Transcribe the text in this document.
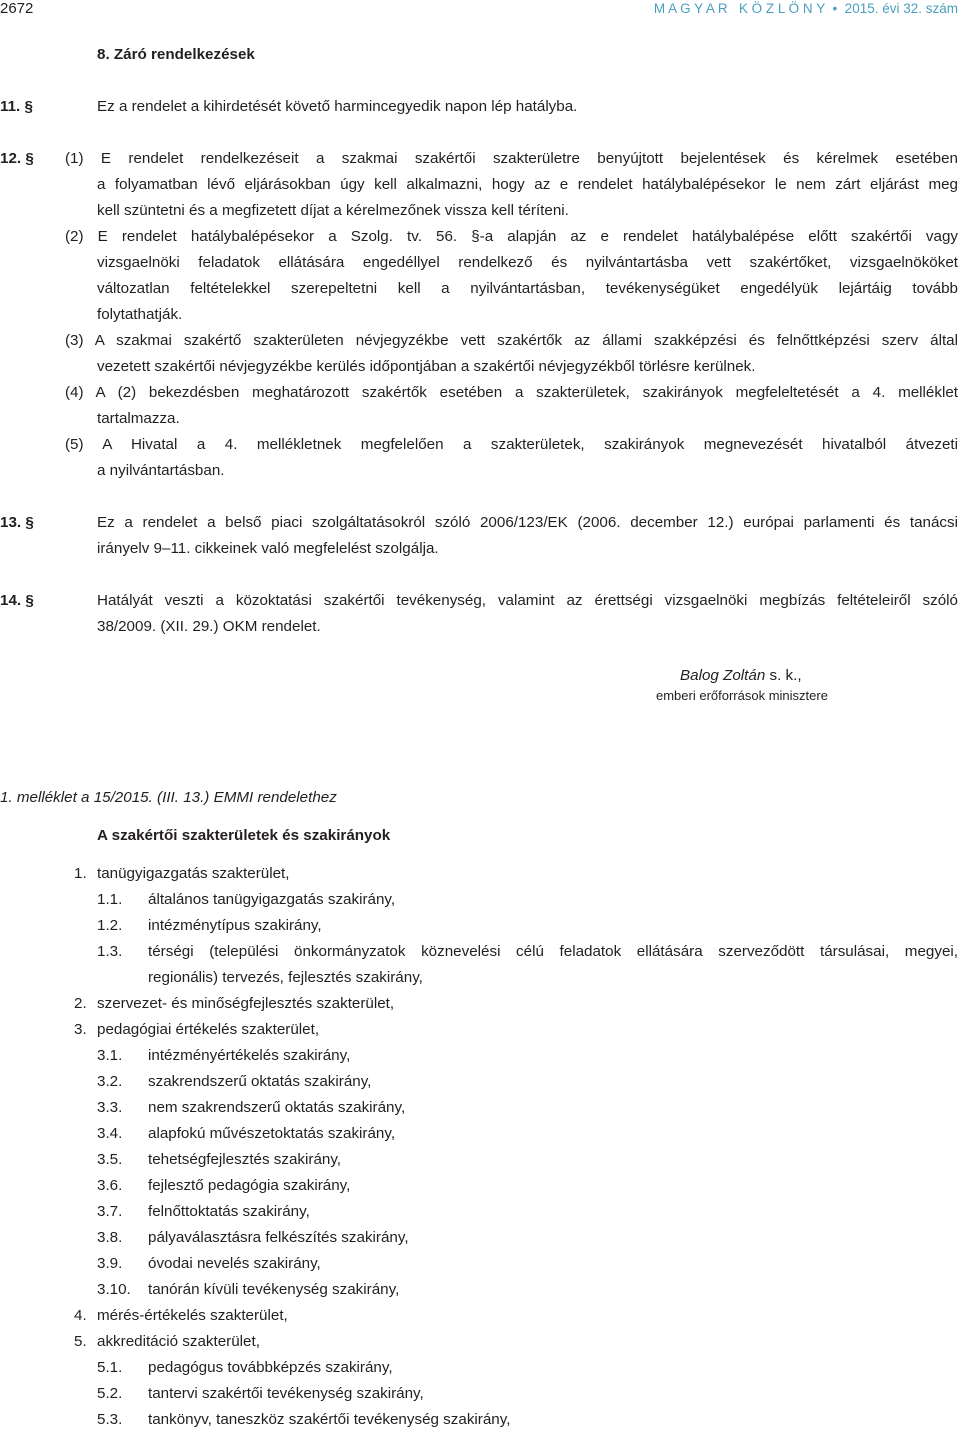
2672	M A G Y A R   K Ö Z L Ö N Y  •  2015. évi 32. szám
8. Záró rendelkezések
11. §	Ez a rendelet a kihirdetését követő harmincegyedik napon lép hatályba.
12. § (1) E rendelet rendelkezéseit a szakmai szakértői szakterületre benyújtott bejelentések és kérelmek esetében
a folyamatban lévő eljárásokban úgy kell alkalmazni, hogy az e rendelet hatálybalépésekor le nem zárt eljárást meg
kell szüntetni és a megfizetett díjat a kérelmezőnek vissza kell téríteni.
(2) E rendelet hatálybalépésekor a Szolg. tv. 56. §-a alapján az e rendelet hatálybalépése előtt szakértői vagy
vizsgaelnöki feladatok ellátására engedéllyel rendelkező és nyilvántartásba vett szakértőket, vizsgaelnököket
változatlan feltételekkel szerepeltetni kell a nyilvántartásban, tevékenységüket engedélyük lejártáig tovább
folytathatják.
(3) A szakmai szakértő szakterületen névjegyzékbe vett szakértők az állami szakképzési és felnőttképzési szerv által
vezetett szakértői névjegyzékbe kerülés időpontjában a szakértői névjegyzékből törlésre kerülnek.
(4) A (2) bekezdésben meghatározott szakértők esetében a szakterületek, szakirányok megfeleltetését a 4. melléklet
tartalmazza.
(5) A Hivatal a 4. mellékletnek megfelelően a szakterületek, szakirányok megnevezését hivatalból átvezeti
a nyilvántartásban.
13. §	Ez a rendelet a belső piaci szolgáltatásokról szóló 2006/123/EK (2006. december 12.) európai parlamenti és tanácsi
irányelv 9–11. cikkeinek való megfelelést szolgálja.
14. §	Hatályát veszti a közoktatási szakértői tevékenység, valamint az érettségi vizsgaelnöki megbízás feltételeiről szóló
38/2009. (XII. 29.) OKM rendelet.
Balog Zoltán s. k.,
emberi erőforrások minisztere
1. melléklet a 15/2015. (III. 13.) EMMI rendelethez
A szakértői szakterületek és szakirányok
1. tanügyigazgatás szakterület,
1.1. általános tanügyigazgatás szakirány,
1.2. intézménytípus szakirány,
1.3. térségi (települési önkormányzatok köznevelési célú feladatok ellátására szerveződött társulásai, megyei,
regionális) tervezés, fejlesztés szakirány,
2. szervezet- és minőségfejlesztés szakterület,
3. pedagógiai értékelés szakterület,
3.1. intézményértékelés szakirány,
3.2. szakrendszerű oktatás szakirány,
3.3. nem szakrendszerű oktatás szakirány,
3.4. alapfokú művészetoktatás szakirány,
3.5. tehetségfejlesztés szakirány,
3.6. fejlesztő pedagógia szakirány,
3.7. felnőttoktatás szakirány,
3.8. pályaválasztásra felkészítés szakirány,
3.9. óvodai nevelés szakirány,
3.10. tanórán kívüli tevékenység szakirány,
4. mérés-értékelés szakterület,
5. akkreditáció szakterület,
5.1. pedagógus továbbképzés szakirány,
5.2. tantervi szakértői tevékenység szakirány,
5.3. tankönyv, taneszköz szakértői tevékenység szakirány,
